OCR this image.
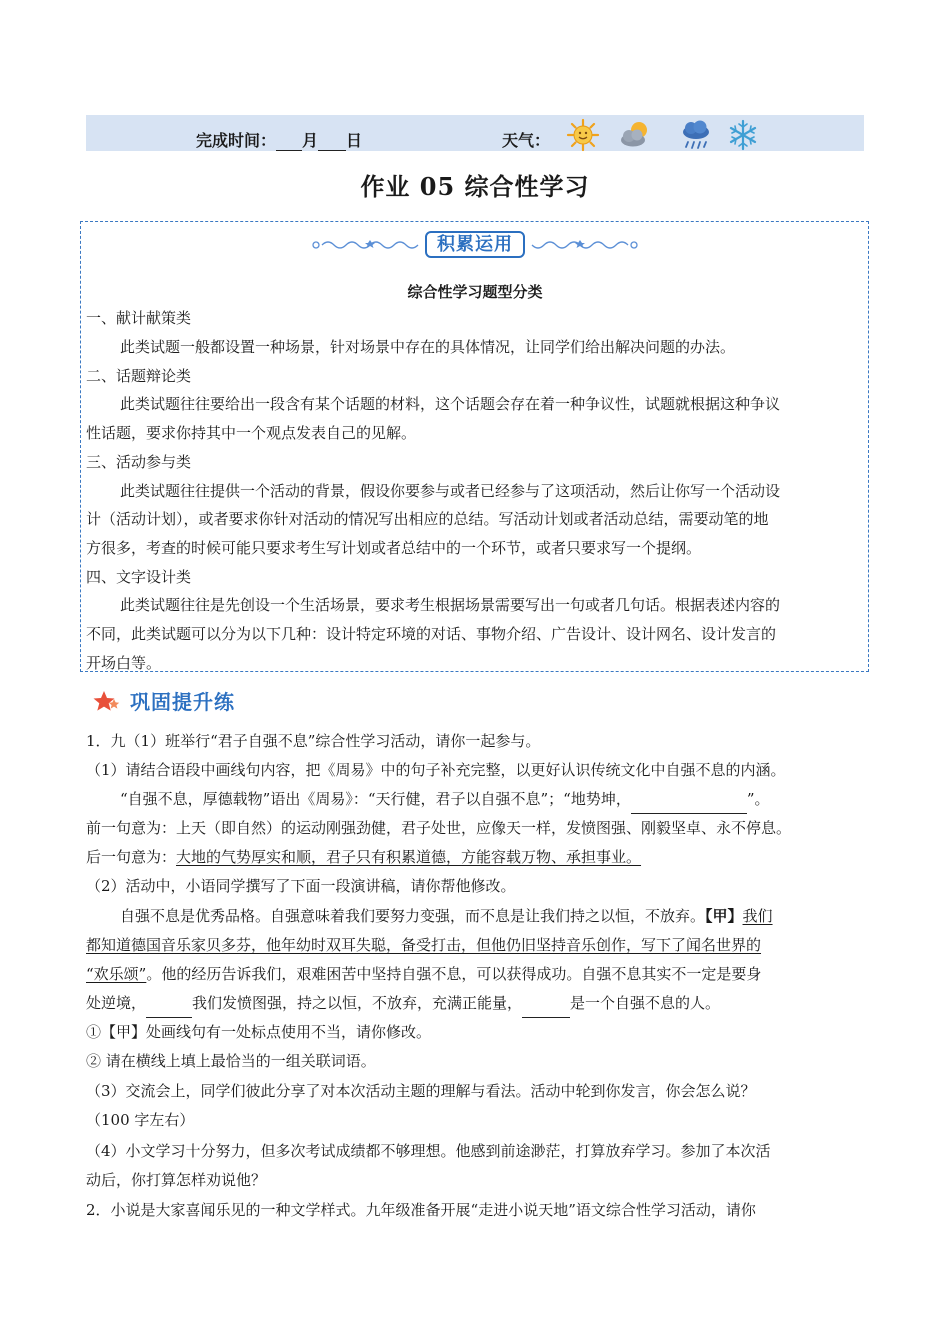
完成时间： 月 日	天气：
作业 05 综合性学习
积累运用
综合性学习题型分类
一、献计献策类
此类试题一般都设置一种场景，针对场景中存在的具体情况，让同学们给出解决问题的办法。
二、话题辩论类
此类试题往往要给出一段含有某个话题的材料，这个话题会存在着一种争议性，试题就根据这种争议
性话题，要求你持其中一个观点发表自己的见解。
三、活动参与类
此类试题往往提供一个活动的背景，假设你要参与或者已经参与了这项活动，然后让你写一个活动设
计（活动计划），或者要求你针对活动的情况写出相应的总结。写活动计划或者活动总结，需要动笔的地
方很多，考查的时候可能只要求考生写计划或者总结中的一个环节，或者只要求写一个提纲。
四、文字设计类
此类试题往往是先创设一个生活场景，要求考生根据场景需要写出一句或者几句话。根据表述内容的
不同，此类试题可以分为以下几种：设计特定环境的对话、事物介绍、广告设计、设计网名、设计发言的
开场白等。
巩固提升练
1．九（1）班举行“君子自强不息”综合性学习活动，请你一起参与。
（1）请结合语段中画线句内容，把《周易》中的句子补充完整，以更好认识传统文化中自强不息的内涵。
“自强不息，厚德载物”语出《周易》：“天行健，君子以自强不息”；“地势坤，	”。
前一句意为：上天（即自然）的运动刚强劲健，君子处世，应像天一样，发愤图强、刚毅坚卓、永不停息。
后一句意为：大地的气势厚实和顺，君子只有积累道德，方能容载万物、承担事业。
（2）活动中，小语同学撰写了下面一段演讲稿，请你帮他修改。
自强不息是优秀品格。自强意味着我们要努力变强，而不息是让我们持之以恒，不放弃。【甲】我们
都知道德国音乐家贝多芬，他年幼时双耳失聪，备受打击，但他仍旧坚持音乐创作，写下了闻名世界的
“欢乐颂”。他的经历告诉我们，艰难困苦中坚持自强不息，可以获得成功。自强不息其实不一定是要身
处逆境，	我们发愤图强，持之以恒，不放弃，充满正能量，	是一个自强不息的人。
①【甲】处画线句有一处标点使用不当，请你修改。
② 请在横线上填上最恰当的一组关联词语。
（3）交流会上，同学们彼此分享了对本次活动主题的理解与看法。活动中轮到你发言，你会怎么说？
（100 字左右）
（4）小文学习十分努力，但多次考试成绩都不够理想。他感到前途渺茫，打算放弃学习。参加了本次活
动后，你打算怎样劝说他？
2．小说是大家喜闻乐见的一种文学样式。九年级准备开展“走进小说天地”语文综合性学习活动，请你
